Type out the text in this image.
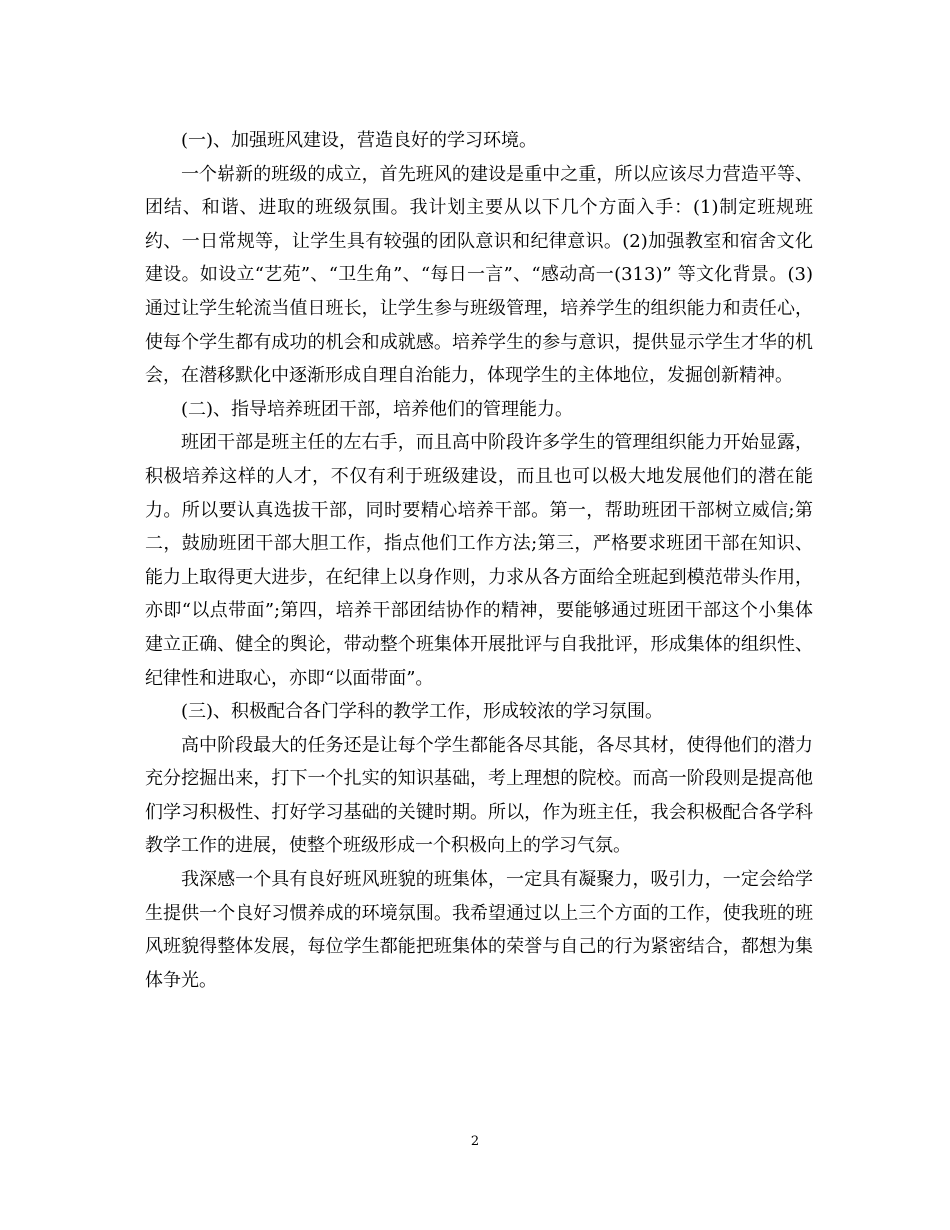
(一)、加强班风建设，营造良好的学习环境。

一个崭新的班级的成立，首先班风的建设是重中之重，所以应该尽力营造平等、团结、和谐、进取的班级氛围。我计划主要从以下几个方面入手：(1)制定班规班约、一日常规等，让学生具有较强的团队意识和纪律意识。(2)加强教室和宿舍文化建设。如设立“艺苑”、“卫生角”、“每日一言”、“感动高一(313)” 等文化背景。(3)通过让学生轮流当值日班长，让学生参与班级管理，培养学生的组织能力和责任心，使每个学生都有成功的机会和成就感。培养学生的参与意识，提供显示学生才华的机会，在潜移默化中逐渐形成自理自治能力，体现学生的主体地位，发掘创新精神。

(二)、指导培养班团干部，培养他们的管理能力。

班团干部是班主任的左右手，而且高中阶段许多学生的管理组织能力开始显露，积极培养这样的人才，不仅有利于班级建设，而且也可以极大地发展他们的潜在能力。所以要认真选拔干部，同时要精心培养干部。第一，帮助班团干部树立威信;第二，鼓励班团干部大胆工作，指点他们工作方法;第三，严格要求班团干部在知识、能力上取得更大进步，在纪律上以身作则，力求从各方面给全班起到模范带头作用，亦即“以点带面”;第四，培养干部团结协作的精神，要能够通过班团干部这个小集体建立正确、健全的舆论，带动整个班集体开展批评与自我批评，形成集体的组织性、纪律性和进取心，亦即“以面带面”。

(三)、积极配合各门学科的教学工作，形成较浓的学习氛围。

高中阶段最大的任务还是让每个学生都能各尽其能，各尽其材，使得他们的潜力充分挖掘出来，打下一个扎实的知识基础，考上理想的院校。而高一阶段则是提高他们学习积极性、打好学习基础的关键时期。所以，作为班主任，我会积极配合各学科教学工作的进展，使整个班级形成一个积极向上的学习气氛。

我深感一个具有良好班风班貌的班集体，一定具有凝聚力，吸引力，一定会给学生提供一个良好习惯养成的环境氛围。我希望通过以上三个方面的工作，使我班的班风班貌得整体发展，每位学生都能把班集体的荣誉与自己的行为紧密结合，都想为集体争光。

2
